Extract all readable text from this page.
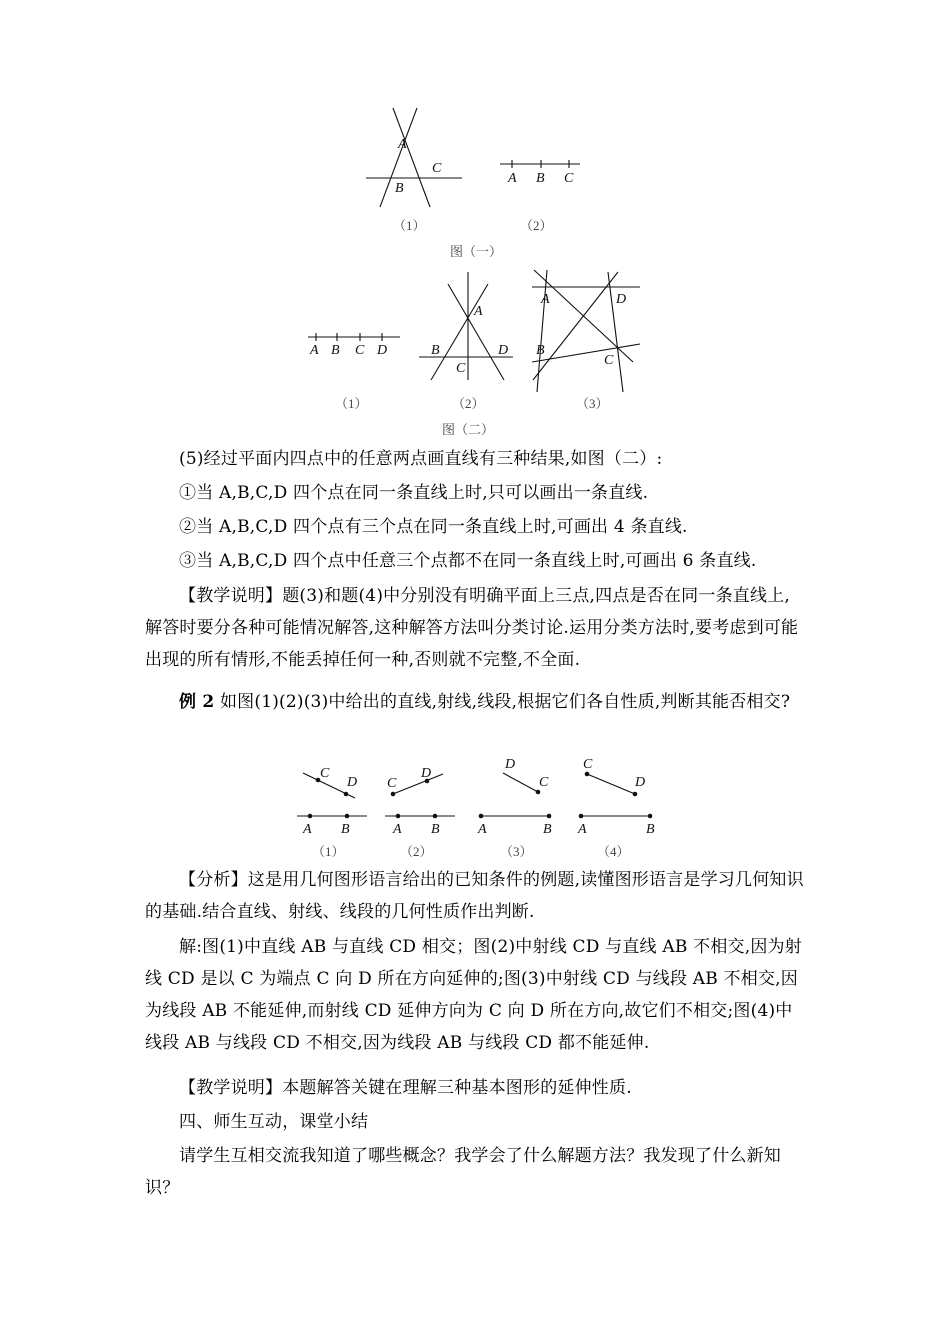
A
B
C
（1）
A B C
（2）
图（一）
A B C D
（1）
A
B
C
D
（2）
A
B
C
D
（3）
图（二）
(5)经过平面内四点中的任意两点画直线有三种结果,如图（二）:
①当 A,B,C,D 四个点在同一条直线上时,只可以画出一条直线.
②当 A,B,C,D 四个点有三个点在同一条直线上时,可画出 4 条直线.
③当 A,B,C,D 四个点中任意三个点都不在同一条直线上时,可画出 6 条直线.
【教学说明】题(3)和题(4)中分别没有明确平面上三点,四点是否在同一条直线上,解答时要分各种可能情况解答,这种解答方法叫分类讨论.运用分类方法时,要考虑到可能出现的所有情形,不能丢掉任何一种,否则就不完整,不全面.
例 2 如图(1)(2)(3)中给出的直线,射线,线段,根据它们各自性质,判断其能否相交?
C
D
A B
（1）
C
D
A B
（2）
D
C
A	B
（3）
C
D
A	B
（4）
【分析】这是用几何图形语言给出的已知条件的例题,读懂图形语言是学习几何知识的基础.结合直线、射线、线段的几何性质作出判断.
解:图(1)中直线 AB 与直线 CD 相交；图(2)中射线 CD 与直线 AB 不相交,因为射线 CD 是以 C 为端点 C 向 D 所在方向延伸的;图(3)中射线 CD 与线段 AB 不相交,因为线段 AB 不能延伸,而射线 CD 延伸方向为 C 向 D 所在方向,故它们不相交;图(4)中线段 AB 与线段 CD 不相交,因为线段 AB 与线段 CD 都不能延伸.
【教学说明】本题解答关键在理解三种基本图形的延伸性质.
四、师生互动，课堂小结
请学生互相交流我知道了哪些概念？我学会了什么解题方法？我发现了什么新知识？
